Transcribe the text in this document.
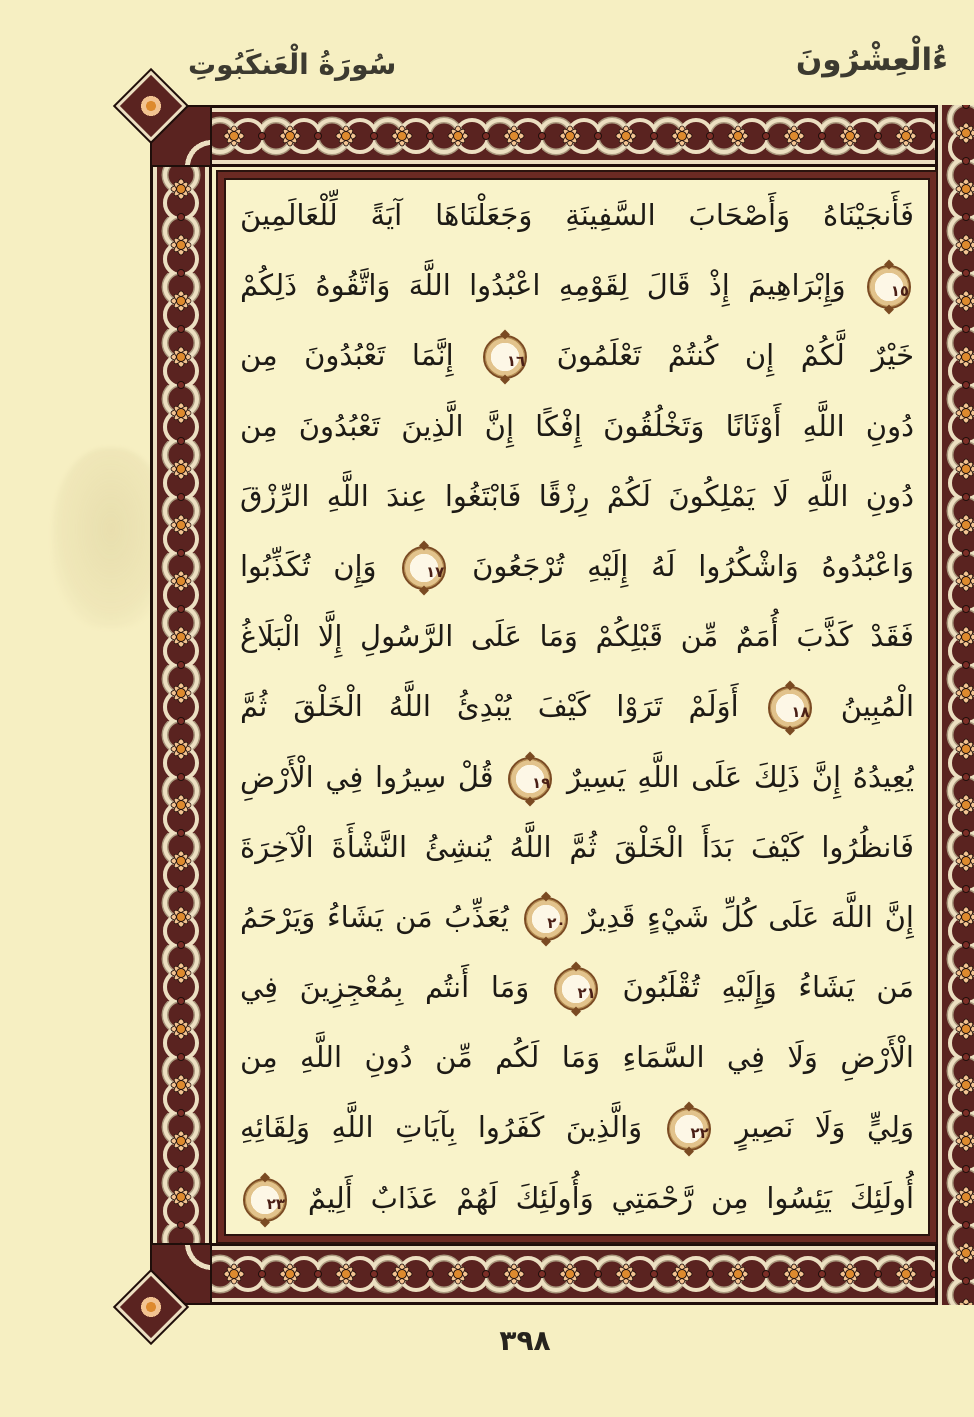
ءُالْعِشْرُونَ
سُورَةُ الْعَنكَبُوتِ
فَأَنجَيْنَاهُ وَأَصْحَابَ السَّفِينَةِ وَجَعَلْنَاهَا آيَةً لِّلْعَالَمِينَ
١٥ وَإِبْرَاهِيمَ إِذْ قَالَ لِقَوْمِهِ اعْبُدُوا اللَّهَ وَاتَّقُوهُ ذَلِكُمْ
خَيْرٌ لَّكُمْ إِن كُنتُمْ تَعْلَمُونَ ١٦ إِنَّمَا تَعْبُدُونَ مِن
دُونِ اللَّهِ أَوْثَانًا وَتَخْلُقُونَ إِفْكًا إِنَّ الَّذِينَ تَعْبُدُونَ مِن
دُونِ اللَّهِ لَا يَمْلِكُونَ لَكُمْ رِزْقًا فَابْتَغُوا عِندَ اللَّهِ الرِّزْقَ
وَاعْبُدُوهُ وَاشْكُرُوا لَهُ إِلَيْهِ تُرْجَعُونَ ١٧ وَإِن تُكَذِّبُوا
فَقَدْ كَذَّبَ أُمَمٌ مِّن قَبْلِكُمْ وَمَا عَلَى الرَّسُولِ إِلَّا الْبَلَاغُ
الْمُبِينُ ١٨ أَوَلَمْ تَرَوْا كَيْفَ يُبْدِئُ اللَّهُ الْخَلْقَ ثُمَّ
يُعِيدُهُ إِنَّ ذَلِكَ عَلَى اللَّهِ يَسِيرٌ ١٩ قُلْ سِيرُوا فِي الْأَرْضِ
فَانظُرُوا كَيْفَ بَدَأَ الْخَلْقَ ثُمَّ اللَّهُ يُنشِئُ النَّشْأَةَ الْآخِرَةَ
إِنَّ اللَّهَ عَلَى كُلِّ شَيْءٍ قَدِيرٌ ٢٠ يُعَذِّبُ مَن يَشَاءُ وَيَرْحَمُ
مَن يَشَاءُ وَإِلَيْهِ تُقْلَبُونَ ٢١ وَمَا أَنتُم بِمُعْجِزِينَ فِي
الْأَرْضِ وَلَا فِي السَّمَاءِ وَمَا لَكُم مِّن دُونِ اللَّهِ مِن
وَلِيٍّ وَلَا نَصِيرٍ ٢٢ وَالَّذِينَ كَفَرُوا بِآيَاتِ اللَّهِ وَلِقَائِهِ
أُولَئِكَ يَئِسُوا مِن رَّحْمَتِي وَأُولَئِكَ لَهُمْ عَذَابٌ أَلِيمٌ ٢٣
٣٩٨
